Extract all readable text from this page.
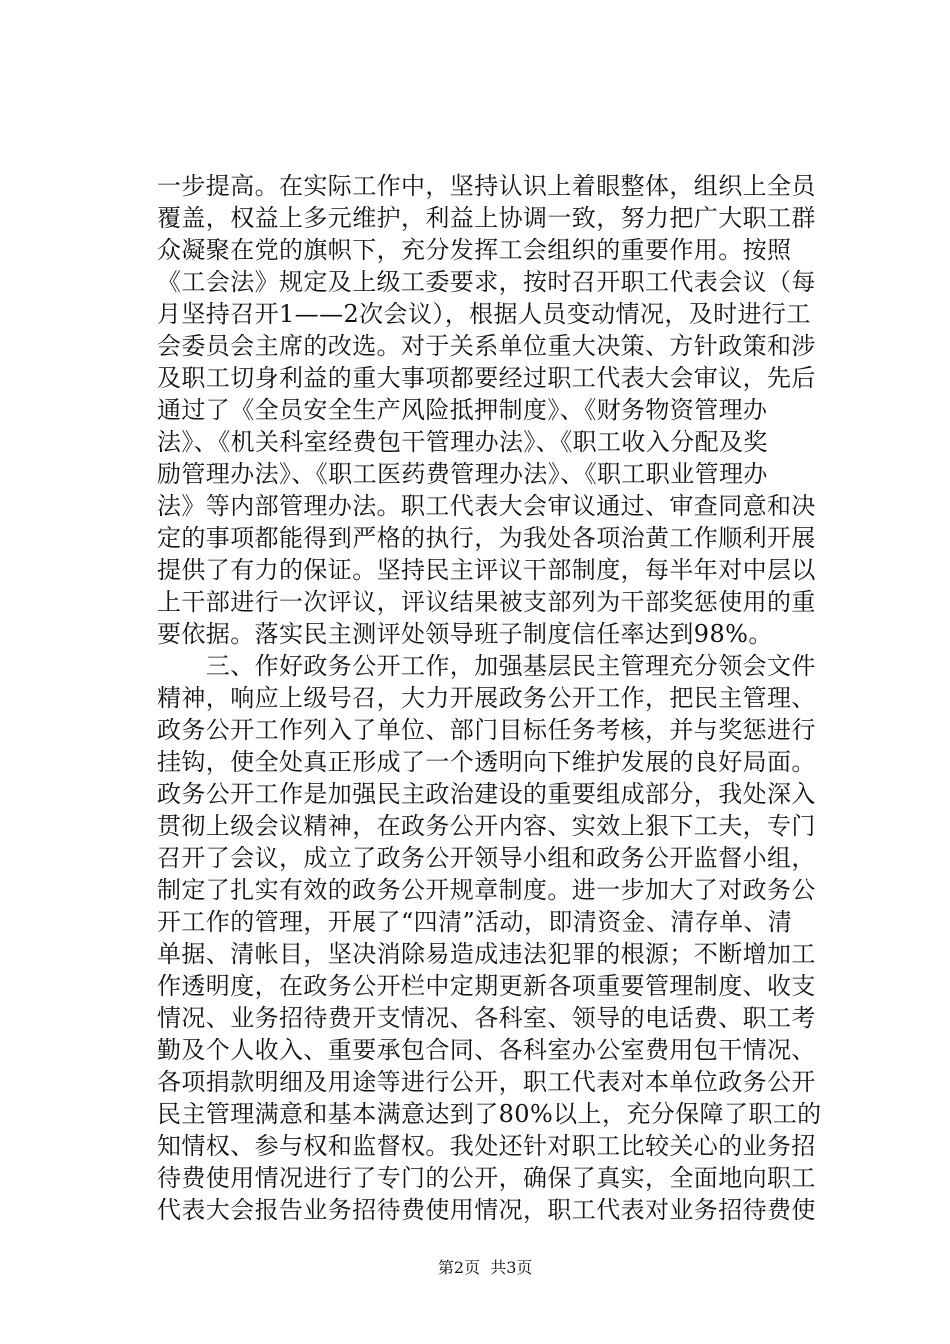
一步提高。在实际工作中，坚持认识上着眼整体，组织上全员
覆盖，权益上多元维护，利益上协调一致，努力把广大职工群
众凝聚在党的旗帜下，充分发挥工会组织的重要作用。按照
《工会法》规定及上级工委要求，按时召开职工代表会议（每
月坚持召开1——2次会议），根据人员变动情况，及时进行工
会委员会主席的改选。对于关系单位重大决策、方针政策和涉
及职工切身利益的重大事项都要经过职工代表大会审议，先后
通过了《全员安全生产风险抵押制度》、《财务物资管理办
法》、《机关科室经费包干管理办法》、《职工收入分配及奖
励管理办法》、《职工医药费管理办法》、《职工职业管理办
法》等内部管理办法。职工代表大会审议通过、审查同意和决
定的事项都能得到严格的执行，为我处各项治黄工作顺利开展
提供了有力的保证。坚持民主评议干部制度，每半年对中层以
上干部进行一次评议，评议结果被支部列为干部奖惩使用的重
要依据。落实民主测评处领导班子制度信任率达到98%。
　　三、作好政务公开工作，加强基层民主管理充分领会文件
精神，响应上级号召，大力开展政务公开工作，把民主管理、
政务公开工作列入了单位、部门目标任务考核，并与奖惩进行
挂钩，使全处真正形成了一个透明向下维护发展的良好局面。
政务公开工作是加强民主政治建设的重要组成部分，我处深入
贯彻上级会议精神，在政务公开内容、实效上狠下工夫，专门
召开了会议，成立了政务公开领导小组和政务公开监督小组，
制定了扎实有效的政务公开规章制度。进一步加大了对政务公
开工作的管理，开展了“四清”活动，即清资金、清存单、清
单据、清帐目，坚决消除易造成违法犯罪的根源；不断增加工
作透明度，在政务公开栏中定期更新各项重要管理制度、收支
情况、业务招待费开支情况、各科室、领导的电话费、职工考
勤及个人收入、重要承包合同、各科室办公室费用包干情况、
各项捐款明细及用途等进行公开，职工代表对本单位政务公开
民主管理满意和基本满意达到了80%以上，充分保障了职工的
知情权、参与权和监督权。我处还针对职工比较关心的业务招
待费使用情况进行了专门的公开，确保了真实，全面地向职工
代表大会报告业务招待费使用情况，职工代表对业务招待费使

第2页  共3页
